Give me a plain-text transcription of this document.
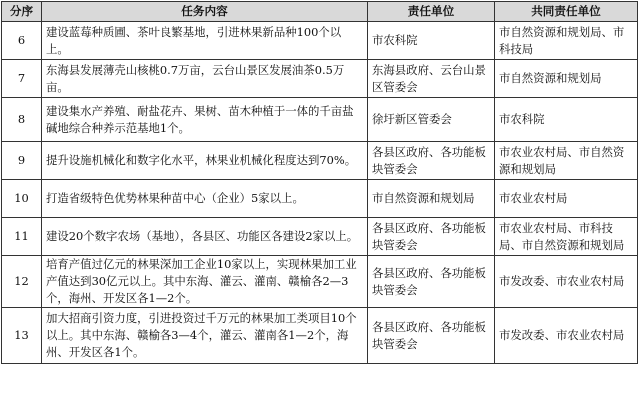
分序	任务内容	责任单位	共同责任单位
6	建设蓝莓种质圃、茶叶良繁基地，引进林果新品种100个以上。	市农科院	市自然资源和规划局、市科技局
7	东海县发展薄壳山核桃0.7万亩，云台山景区发展油茶0.5万亩。	东海县政府、云台山景区管委会	市自然资源和规划局
8	建设集水产养殖、耐盐花卉、果树、苗木种植于一体的千亩盐碱地综合种养示范基地1个。	徐圩新区管委会	市农科院
9	提升设施机械化和数字化水平，林果业机械化程度达到70%。	各县区政府、各功能板块管委会	市农业农村局、市自然资源和规划局
10	打造省级特色优势林果种苗中心（企业）5家以上。	市自然资源和规划局	市农业农村局
11	建设20个数字农场（基地），各县区、功能区各建设2家以上。	各县区政府、各功能板块管委会	市农业农村局、市科技局、市自然资源和规划局
12	培育产值过亿元的林果深加工企业10家以上，实现林果加工业产值达到30亿元以上。其中东海、灌云、灌南、赣榆各2—3个，海州、开发区各1—2个。	各县区政府、各功能板块管委会	市发改委、市农业农村局
13	加大招商引资力度，引进投资过千万元的林果加工类项目10个以上。其中东海、赣榆各3—4个，灌云、灌南各1—2个，海州、开发区各1个。	各县区政府、各功能板块管委会	市发改委、市农业农村局
